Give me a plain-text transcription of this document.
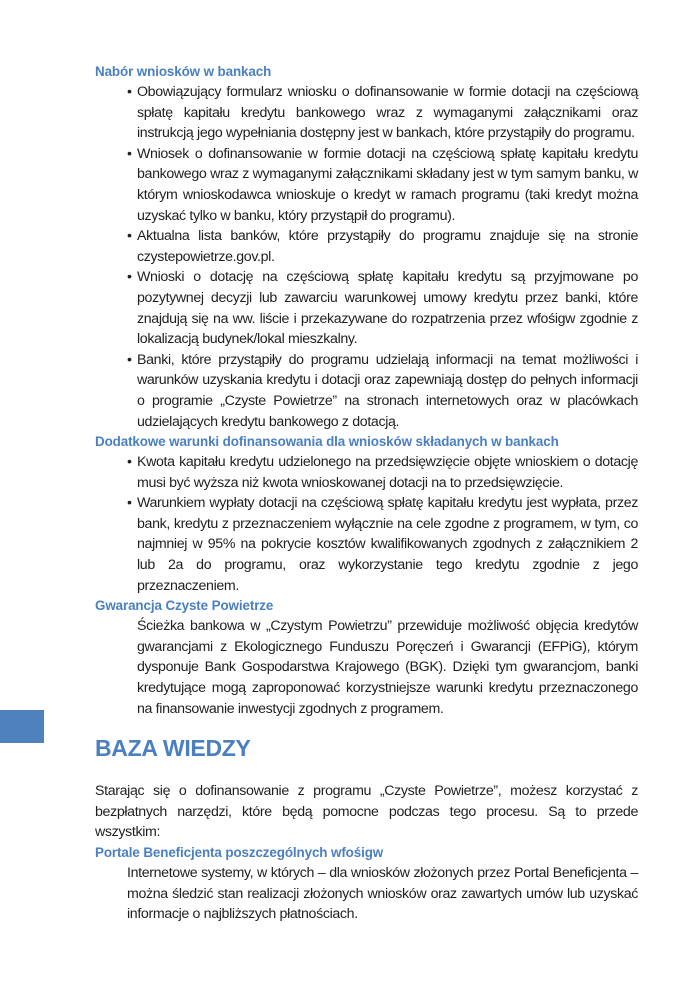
Nabór wniosków w bankach
• Obowiązujący formularz wniosku o dofinansowanie w formie dotacji na częściową spłatę kapitału kredytu bankowego wraz z wymaganymi załącznikami oraz instrukcją jego wypełniania dostępny jest w bankach, które przystąpiły do programu.
• Wniosek o dofinansowanie w formie dotacji na częściową spłatę kapitału kredytu bankowego wraz z wymaganymi załącznikami składany jest w tym samym banku, w którym wnioskodawca wnioskuje o kredyt w ramach programu (taki kredyt można uzyskać tylko w banku, który przystąpił do programu).
• Aktualna lista banków, które przystąpiły do programu znajduje się na stronie czystepowietrze.gov.pl.
• Wnioski o dotację na częściową spłatę kapitału kredytu są przyjmowane po pozytywnej decyzji lub zawarciu warunkowej umowy kredytu przez banki, które znajdują się na ww. liście i przekazywane do rozpatrzenia przez wfośigw zgodnie z lokalizacją budynek/lokal mieszkalny.
• Banki, które przystąpiły do programu udzielają informacji na temat możliwości i warunków uzyskania kredytu i dotacji oraz zapewniają dostęp do pełnych informacji o programie „Czyste Powietrze” na stronach internetowych oraz w placówkach udzielających kredytu bankowego z dotacją.
Dodatkowe warunki dofinansowania dla wniosków składanych w bankach
• Kwota kapitału kredytu udzielonego na przedsięwzięcie objęte wnioskiem o dotację musi być wyższa niż kwota wnioskowanej dotacji na to przedsięwzięcie.
• Warunkiem wypłaty dotacji na częściową spłatę kapitału kredytu jest wypłata, przez bank, kredytu z przeznaczeniem wyłącznie na cele zgodne z programem, w tym, co najmniej w 95% na pokrycie kosztów kwalifikowanych zgodnych z załącznikiem 2 lub 2a do programu, oraz wykorzystanie tego kredytu zgodnie z jego przeznaczeniem.
Gwarancja Czyste Powietrze

Ścieżka bankowa w „Czystym Powietrzu” przewiduje możliwość objęcia kredytów gwarancjami z Ekologicznego Funduszu Poręczeń i Gwarancji (EFPiG), którym dysponuje Bank Gospodarstwa Krajowego (BGK). Dzięki tym gwarancjom, banki kredytujące mogą zaproponować korzystniejsze warunki kredytu przeznaczonego na finansowanie inwestycji zgodnych z programem.

BAZA WIEDZY

Starając się o dofinansowanie z programu „Czyste Powietrze”, możesz korzystać z bezpłatnych narzędzi, które będą pomocne podczas tego procesu. Są to przede wszystkim:

Portale Beneficjenta poszczególnych wfośigw

Internetowe systemy, w których – dla wniosków złożonych przez Portal Beneficjenta – można śledzić stan realizacji złożonych wniosków oraz zawartych umów lub uzyskać informacje o najbliższych płatnościach.
